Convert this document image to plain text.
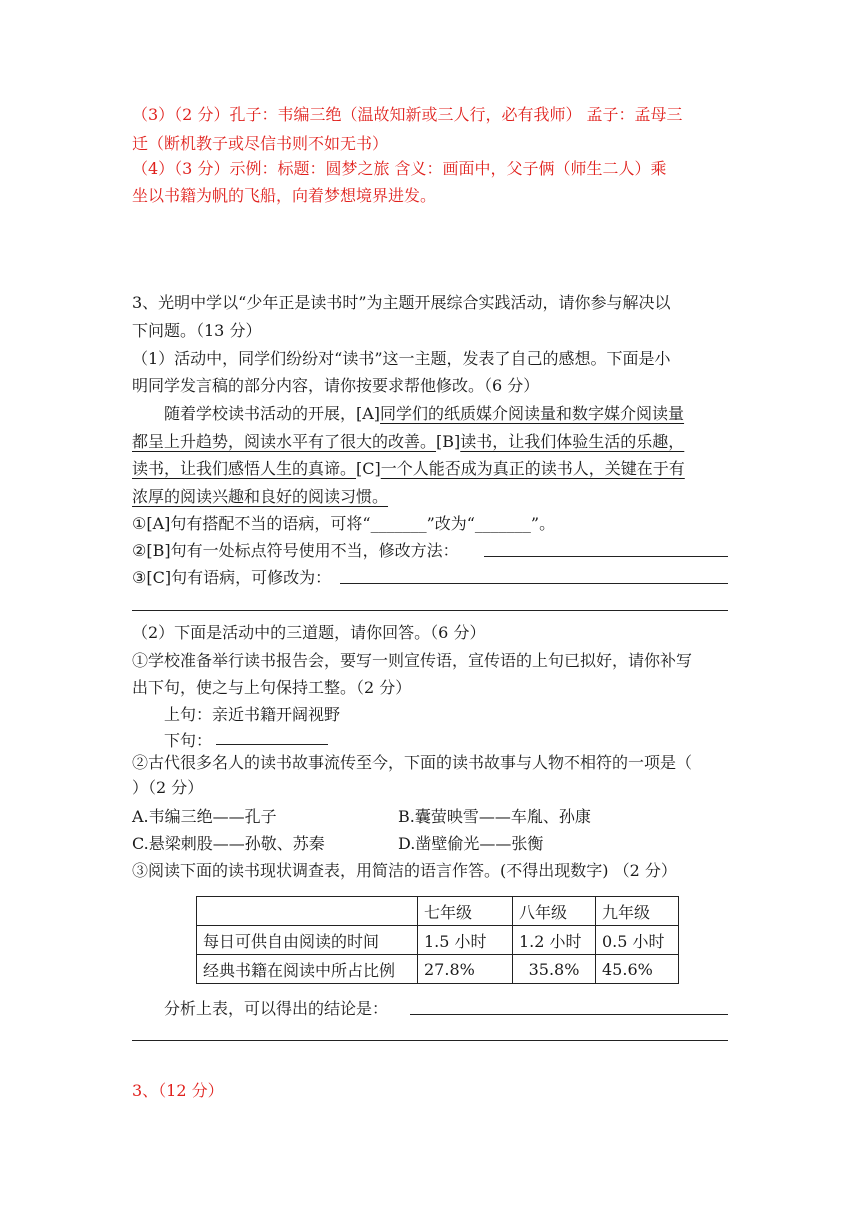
（3）（2 分）孔子：韦编三绝（温故知新或三人行，必有我师） 孟子：孟母三
迁（断机教子或尽信书则不如无书）
（4）（3 分）示例：标题：圆梦之旅 含义：画面中，父子俩（师生二人）乘
坐以书籍为帆的飞船，向着梦想境界进发。
3、光明中学以“少年正是读书时”为主题开展综合实践活动，请你参与解决以
下问题。（13 分）
（1）活动中，同学们纷纷对“读书”这一主题，发表了自己的感想。下面是小
明同学发言稿的部分内容，请你按要求帮他修改。（6 分）
随着学校读书活动的开展，[A]同学们的纸质媒介阅读量和数字媒介阅读量
都呈上升趋势，阅读水平有了很大的改善。[B]读书，让我们体验生活的乐趣，
读书，让我们感悟人生的真谛。[C]一个人能否成为真正的读书人，关键在于有
浓厚的阅读兴趣和良好的阅读习惯。
①[A]句有搭配不当的语病，可将“_______”改为“_______”。
②[B]句有一处标点符号使用不当，修改方法：
③[C]句有语病，可修改为：
（2）下面是活动中的三道题，请你回答。（6 分）
①学校准备举行读书报告会，要写一则宣传语，宣传语的上句已拟好，请你补写
出下句，使之与上句保持工整。（2 分）
上句：亲近书籍开阔视野
下句：
②古代很多名人的读书故事流传至今，下面的读书故事与人物不相符的一项是（
）（2 分）
A.韦编三绝——孔子	B.囊萤映雪——车胤、孙康
C.悬梁刺股——孙敬、苏秦	D.凿壁偷光——张衡
③阅读下面的读书现状调查表，用简洁的语言作答。(不得出现数字) （2 分）
	七年级	八年级	九年级
每日可供自由阅读的时间	1.5 小时	1.2 小时	0.5 小时
经典书籍在阅读中所占比例	27.8%	35.8%	45.6%
分析上表，可以得出的结论是：
3、（12 分）
